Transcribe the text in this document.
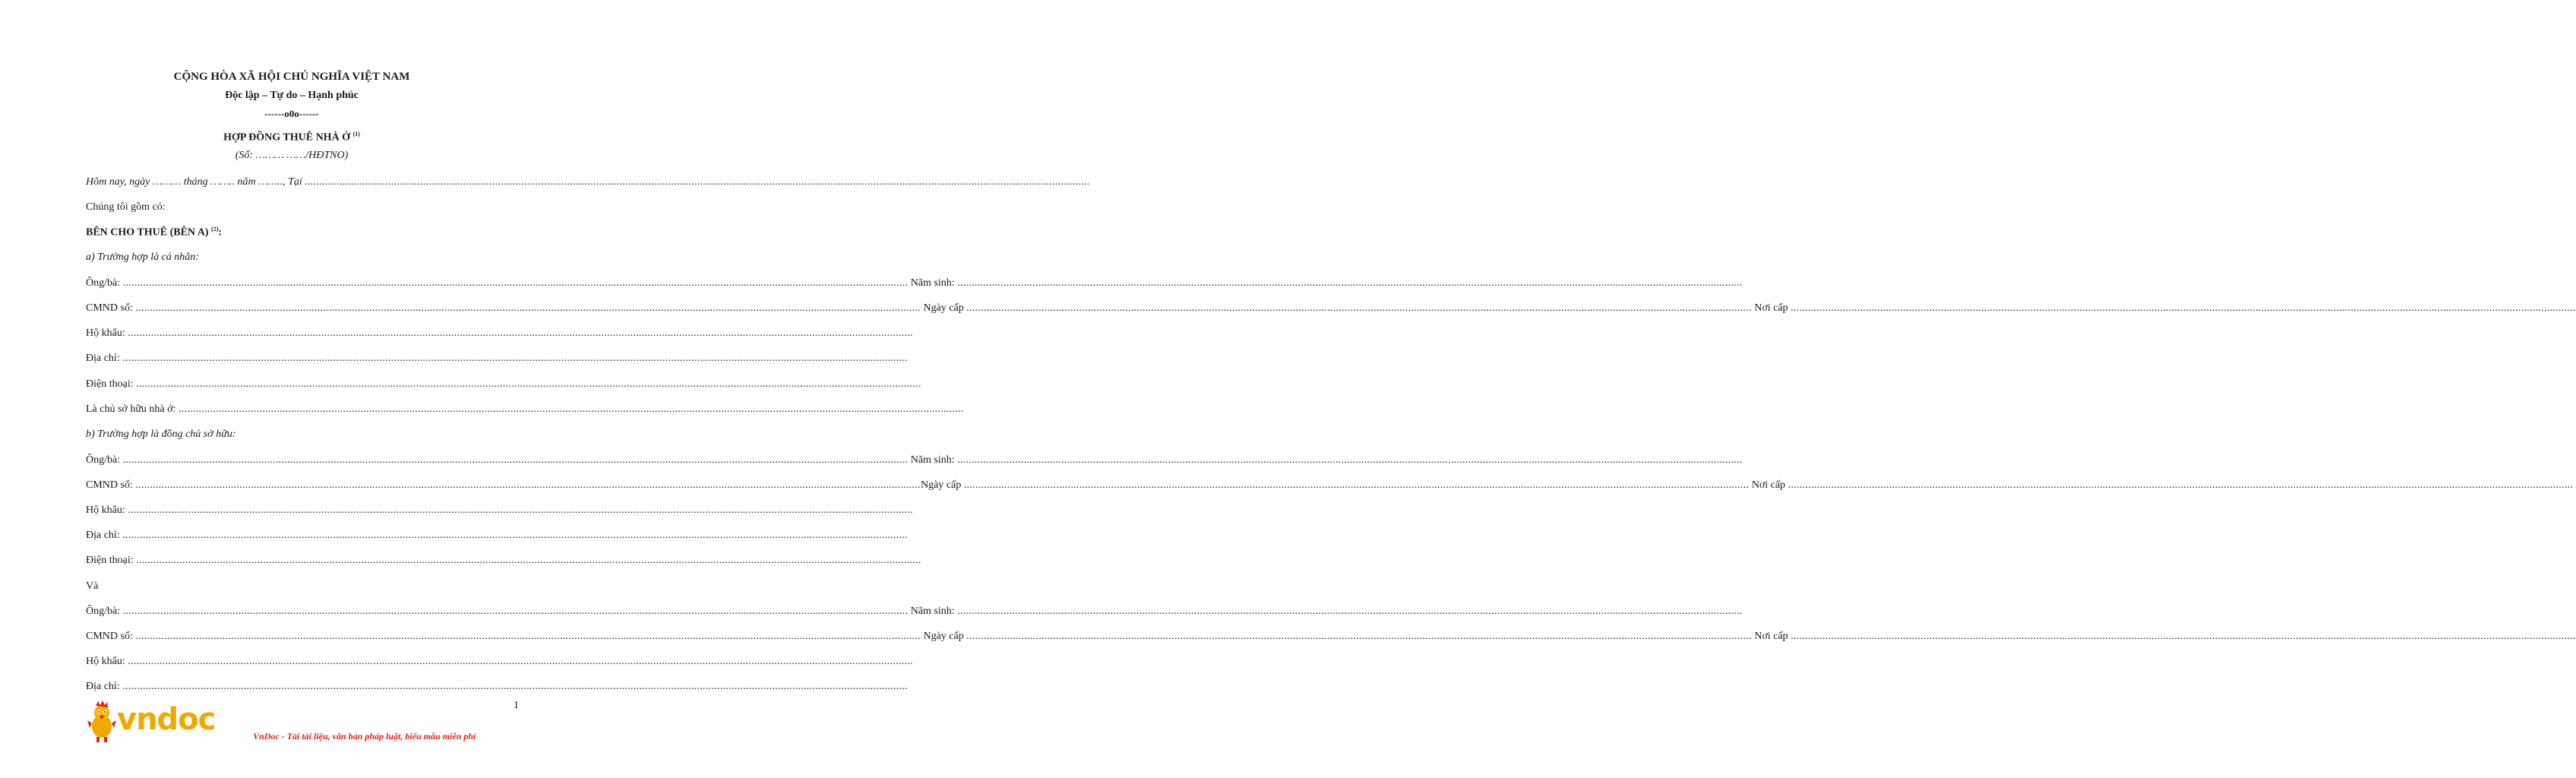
CỘNG HÒA XÃ HỘI CHỦ NGHĨA VIỆT NAM
Độc lập – Tự do – Hạnh phúc
------o0o------
HỢP ĐỒNG THUÊ NHÀ Ở $^{(1)}$
(Số: ……… ……/HĐTNO)
Hôm nay, ngày
………
tháng
……..
năm
…….. , Tại

.....
Chúng tôi gồm có:
BÊN CHO THUÊ (BÊN A) $^{(2)}$:
a) Trường hợp là cá nhân:
Ông/bà:
.....
	Năm sinh:

.....
CMND số:
.....
	Ngày cấp
.....
	Nơi cấp

.....
Hộ khẩu:

.....
Địa chỉ:

.....
Điện thoại:

.....
Là chủ sở hữu nhà ở:

.....
b) Trường hợp là đồng chủ sở hữu:
Ông/bà:
.....
	Năm sinh:

.....
CMND số:
.....	Ngày cấp
.....
	Nơi cấp

.....
Hộ khẩu:

.....
Địa chỉ:

.....
Điện thoại:

.....
Và
Ông/bà:
.....
	Năm sinh:

.....
CMND số:
.....
	Ngày cấp
.....
	Nơi cấp

.....
Hộ khẩu:

.....
Địa chỉ:

.....
1
vndoc	VnDoc - Tải tài liệu, văn bản pháp luật, biểu mẫu miễn phí
